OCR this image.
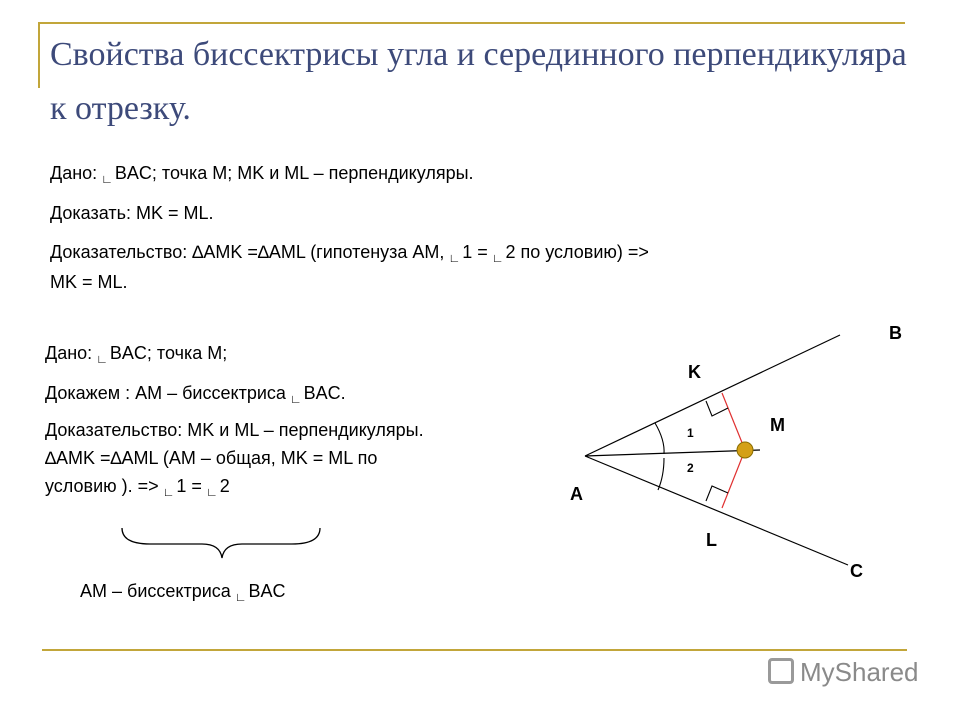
Свойства биссектрисы угла и серединного перпендикуляра к отрезку.
Дано: $_∟$ BAC; точка M; MK и ML – перпендикуляры.
Доказать: MK = ML.
Доказательство: ∆AMK =∆AML (гипотенуза AM, $_∟$ 1 = $_∟$ 2 по условию) =>
MK = ML.
Дано: $_∟$ BAC; точка M;
Докажем : AM – биссектриса $_∟$ BAC.
Доказательство: MK и ML – перпендикуляры.
∆AMK =∆AML (AM – общая, MK = ML по
условию ). => $_∟$ 1 = $_∟$ 2
AM – биссектриса $_∟$ BAC
B
K
M
A
L
C
1
2
MyShared
